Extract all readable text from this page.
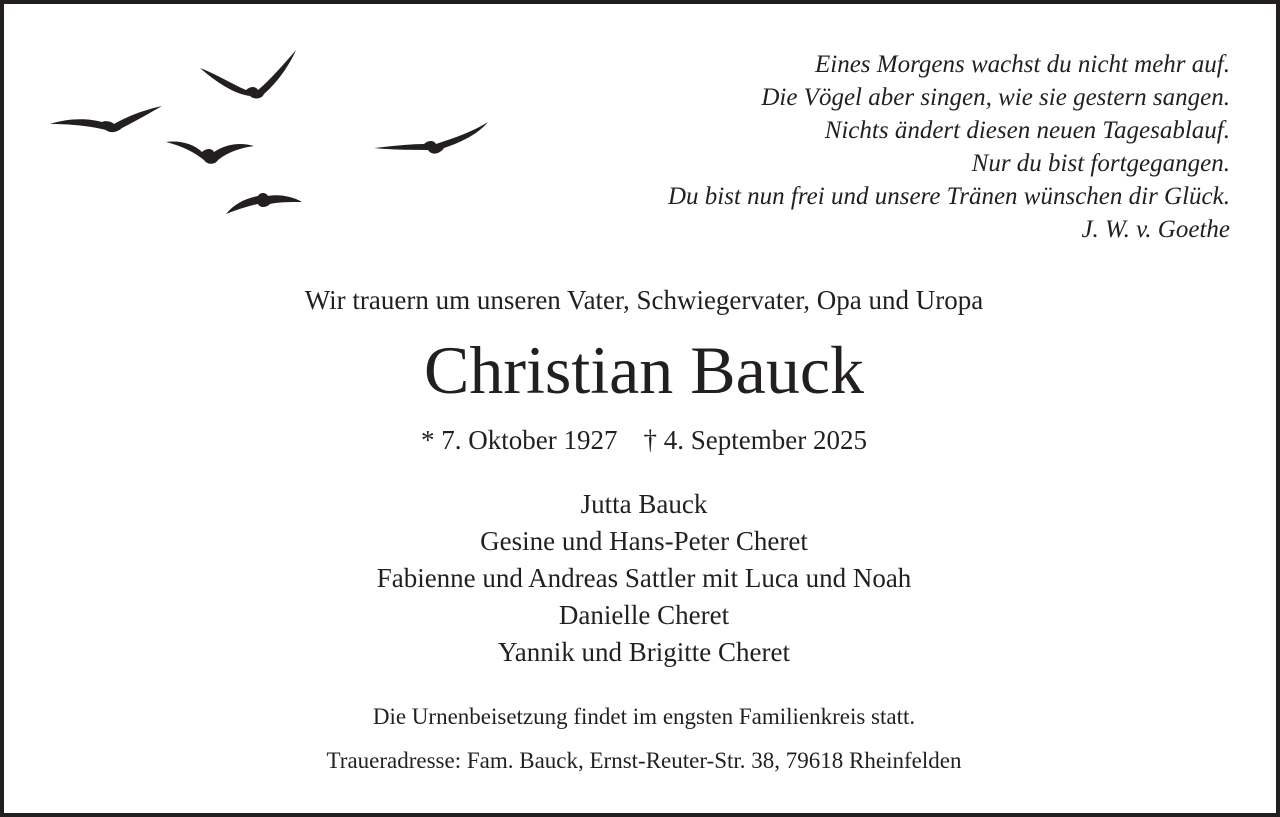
Eines Morgens wachst du nicht mehr auf.
Die Vögel aber singen, wie sie gestern sangen.
Nichts ändert diesen neuen Tagesablauf.
Nur du bist fortgegangen.
Du bist nun frei und unsere Tränen wünschen dir Glück.
J. W. v. Goethe
Wir trauern um unseren Vater, Schwiegervater, Opa und Uropa
Christian Bauck
* 7. Oktober 1927 † 4. September 2025
Jutta Bauck
Gesine und Hans-Peter Cheret
Fabienne und Andreas Sattler mit Luca und Noah
Danielle Cheret
Yannik und Brigitte Cheret
Die Urnenbeisetzung findet im engsten Familienkreis statt.
Traueradresse: Fam. Bauck, Ernst-Reuter-Str. 38, 79618 Rheinfelden
